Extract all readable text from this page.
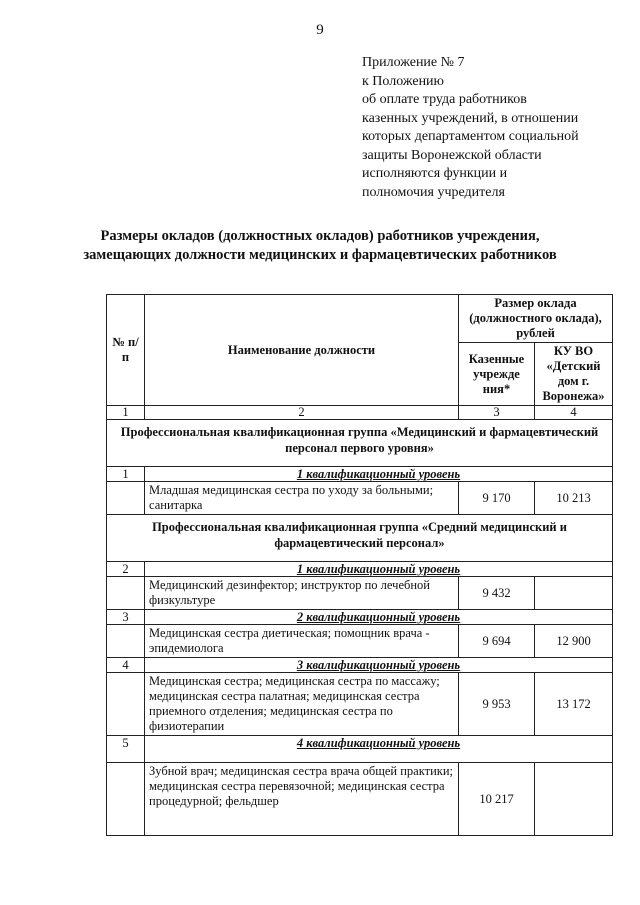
9
Приложение № 7
к Положению
об оплате труда работников
казенных учреждений, в отношении
которых департаментом социальной
защиты Воронежской области
исполняются функции и
полномочия учредителя
Размеры окладов (должностных окладов) работников учреждения,
замещающих должности медицинских и фармацевтических работников
№ п/п	Наименование должности	Размер оклада (должностного оклада), рублей	
		Казенные учрежде ния*	КУ ВО «Детский дом г. Воронежа»
1	2	3	4
Профессиональная квалификационная группа «Медицинский и фармацевтический персонал первого уровня»			
1	1 квалификационный уровень		
	Младшая медицинская сестра по уходу за больными; санитарка	9 170	10 213
Профессиональная квалификационная группа «Средний медицинский и фармацевтический персонал»			
2	1 квалификационный уровень		
	Медицинский дезинфектор; инструктор по лечебной физкультуре	9 432	
3	2 квалификационный уровень		
	Медицинская сестра диетическая; помощник врача - эпидемиолога	9 694	12 900
4	3 квалификационный уровень		
	Медицинская сестра; медицинская сестра по массажу; медицинская сестра палатная; медицинская сестра приемного отделения; медицинская сестра по физиотерапии	9 953	13 172
5	4 квалификационный уровень		
	Зубной врач; медицинская сестра врача общей практики; медицинская сестра перевязочной; медицинская сестра процедурной; фельдшер	10 217	
